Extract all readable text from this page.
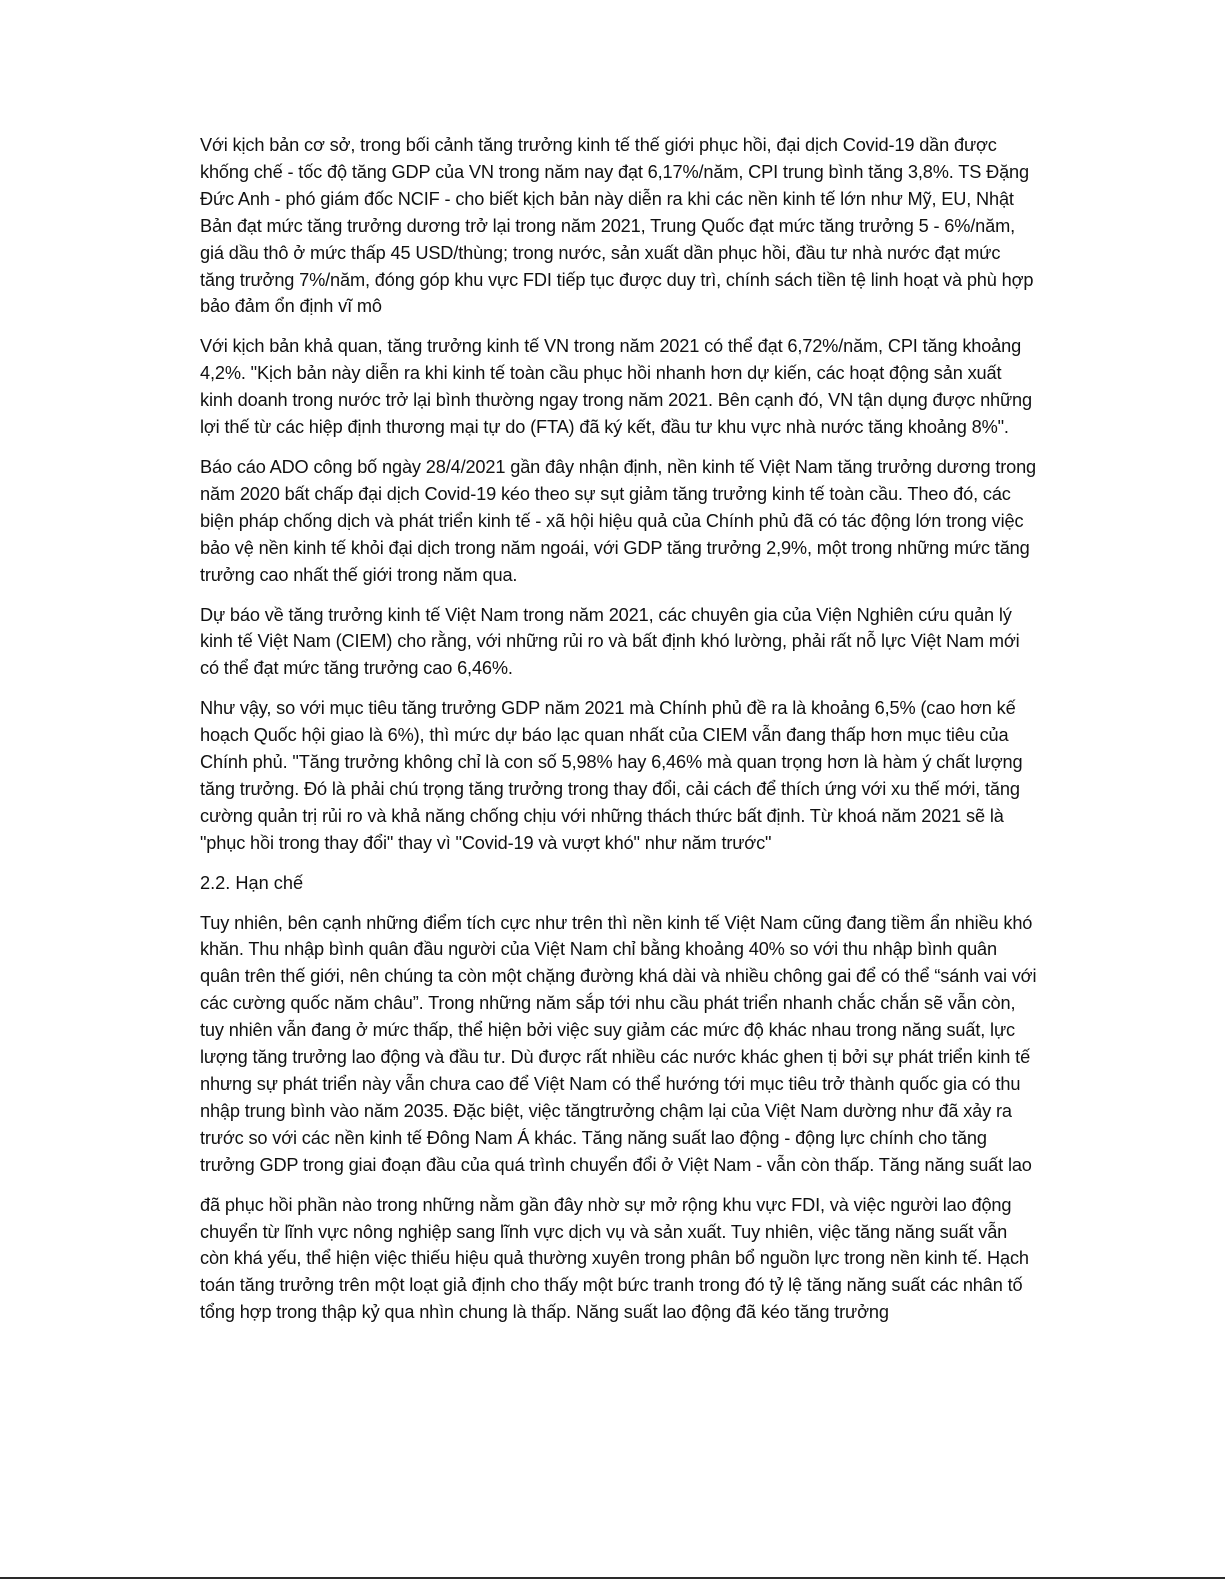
Với kịch bản cơ sở, trong bối cảnh tăng trưởng kinh tế thế giới phục hồi, đại dịch Covid-19 dần được khống chế - tốc độ tăng GDP của VN trong năm nay đạt 6,17%/năm, CPI trung bình tăng 3,8%. TS Đặng Đức Anh - phó giám đốc NCIF - cho biết kịch bản này diễn ra khi các nền kinh tế lớn như Mỹ, EU, Nhật Bản đạt mức tăng trưởng dương trở lại trong năm 2021, Trung Quốc đạt mức tăng trưởng 5 - 6%/năm, giá dầu thô ở mức thấp 45 USD/thùng; trong nước, sản xuất dần phục hồi, đầu tư nhà nước đạt mức tăng trưởng 7%/năm, đóng góp khu vực FDI tiếp tục được duy trì, chính sách tiền tệ linh hoạt và phù hợp bảo đảm ổn định vĩ mô

Với kịch bản khả quan, tăng trưởng kinh tế VN trong năm 2021 có thể đạt 6,72%/năm, CPI tăng khoảng 4,2%. "Kịch bản này diễn ra khi kinh tế toàn cầu phục hồi nhanh hơn dự kiến, các hoạt động sản xuất kinh doanh trong nước trở lại bình thường ngay trong năm 2021. Bên cạnh đó, VN tận dụng được những lợi thế từ các hiệp định thương mại tự do (FTA) đã ký kết, đầu tư khu vực nhà nước tăng khoảng 8%".

Báo cáo ADO công bố ngày 28/4/2021 gần đây nhận định, nền kinh tế Việt Nam tăng trưởng dương trong năm 2020 bất chấp đại dịch Covid-19 kéo theo sự sụt giảm tăng trưởng kinh tế toàn cầu. Theo đó, các biện pháp chống dịch và phát triển kinh tế - xã hội hiệu quả của Chính phủ đã có tác động lớn trong việc bảo vệ nền kinh tế khỏi đại dịch trong năm ngoái, với GDP tăng trưởng 2,9%, một trong những mức tăng trưởng cao nhất thế giới trong năm qua.

Dự báo về tăng trưởng kinh tế Việt Nam trong năm 2021, các chuyên gia của Viện Nghiên cứu quản lý kinh tế Việt Nam (CIEM) cho rằng, với những rủi ro và bất định khó lường, phải rất nỗ lực Việt Nam mới có thể đạt mức tăng trưởng cao 6,46%.

Như vậy, so với mục tiêu tăng trưởng GDP năm 2021 mà Chính phủ đề ra là khoảng 6,5% (cao hơn kế hoạch Quốc hội giao là 6%), thì mức dự báo lạc quan nhất của CIEM vẫn đang thấp hơn mục tiêu của Chính phủ. "Tăng trưởng không chỉ là con số 5,98% hay 6,46% mà quan trọng hơn là hàm ý chất lượng tăng trưởng. Đó là phải chú trọng tăng trưởng trong thay đổi, cải cách để thích ứng với xu thế mới, tăng cường quản trị rủi ro và khả năng chống chịu với những thách thức bất định. Từ khoá năm 2021 sẽ là "phục hồi trong thay đổi" thay vì "Covid-19 và vượt khó" như năm trước"

2.2. Hạn chế

Tuy nhiên, bên cạnh những điểm tích cực như trên thì nền kinh tế Việt Nam cũng đang tiềm ẩn nhiều khó khăn. Thu nhập bình quân đầu người của Việt Nam chỉ bằng khoảng 40% so với thu nhập bình quân quân trên thế giới, nên chúng ta còn một chặng đường khá dài và nhiều chông gai để có thể “sánh vai với các cường quốc năm châu”. Trong những năm sắp tới nhu cầu phát triển nhanh chắc chắn sẽ vẫn còn, tuy nhiên vẫn đang ở mức thấp, thể hiện bởi việc suy giảm các mức độ khác nhau trong năng suất, lực lượng tăng trưởng lao động và đầu tư. Dù được rất nhiều các nước khác ghen tị bởi sự phát triển kinh tế nhưng sự phát triển này vẫn chưa cao để Việt Nam có thể hướng tới mục tiêu trở thành quốc gia có thu nhập trung bình vào năm 2035. Đặc biệt, việc tăngtrưởng chậm lại của Việt Nam dường như đã xảy ra trước so với các nền kinh tế Đông Nam Á khác. Tăng năng suất lao động - động lực chính cho tăng trưởng GDP trong giai đoạn đầu của quá trình chuyển đổi ở Việt Nam - vẫn còn thấp. Tăng năng suất lao

đã phục hồi phần nào trong những nằm gần đây nhờ sự mở rộng khu vực FDI, và việc người lao động chuyển từ lĩnh vực nông nghiệp sang lĩnh vực dịch vụ và sản xuất. Tuy nhiên, việc tăng năng suất vẫn còn khá yếu, thể hiện việc thiếu hiệu quả thường xuyên trong phân bổ nguồn lực trong nền kinh tế. Hạch toán tăng trưởng trên một loạt giả định cho thấy một bức tranh trong đó tỷ lệ tăng năng suất các nhân tố tổng hợp trong thập kỷ qua nhìn chung là thấp. Năng suất lao động đã kéo tăng trưởng
